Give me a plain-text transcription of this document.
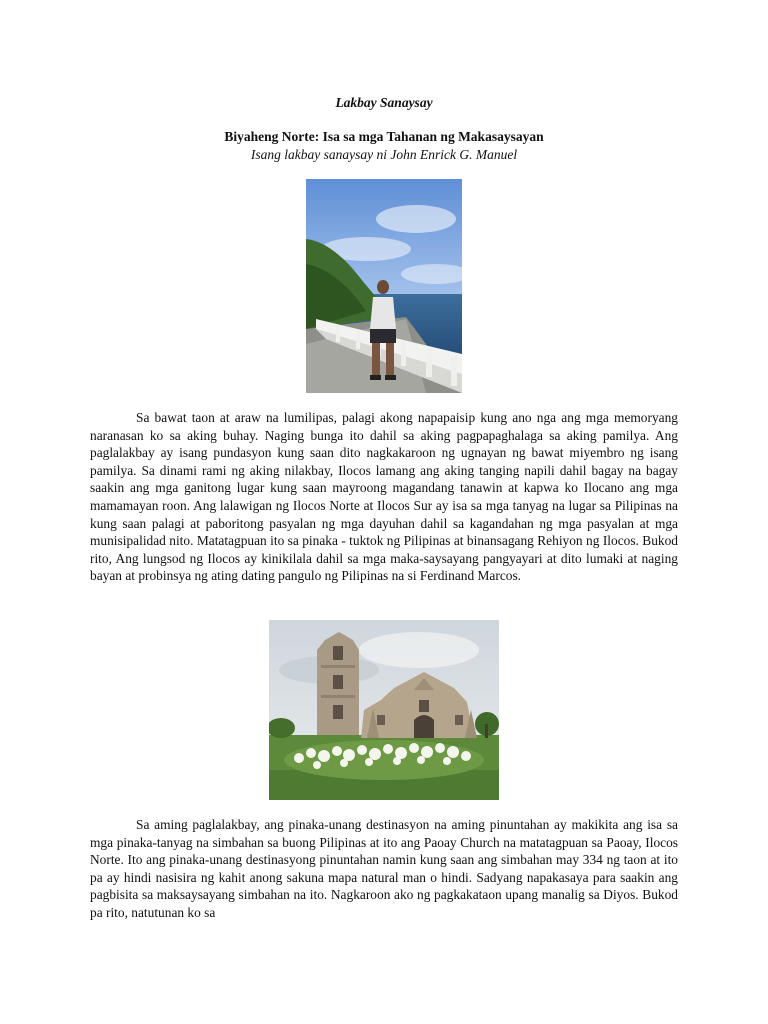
Lakbay Sanaysay
Biyaheng Norte: Isa sa mga Tahanan ng Makasaysayan
Isang lakbay sanaysay ni John Enrick G. Manuel

Sa bawat taon at araw na lumilipas, palagi akong napapaisip kung ano nga ang mga memoryang naranasan ko sa aking buhay. Naging bunga ito dahil sa aking pagpapaghalaga sa aking pamilya. Ang paglalakbay ay isang pundasyon kung saan dito nagkakaroon ng ugnayan ng bawat miyembro ng isang pamilya. Sa dinami rami ng aking nilakbay, Ilocos lamang ang aking tanging napili dahil bagay na bagay saakin ang mga ganitong lugar kung saan mayroong magandang tanawin at kapwa ko Ilocano ang mga mamamayan roon. Ang lalawigan ng Ilocos Norte at Ilocos Sur ay isa sa mga tanyag na lugar sa Pilipinas na kung saan palagi at paboritong pasyalan ng mga dayuhan dahil sa kagandahan ng mga pasyalan at mga munisipalidad nito. Matatagpuan ito sa pinaka - tuktok ng Pilipinas at binansagang Rehiyon ng Ilocos. Bukod rito, Ang lungsod ng Ilocos ay kinikilala dahil sa mga maka-saysayang pangyayari at dito lumaki at naging bayan at probinsya ng ating dating pangulo ng Pilipinas na si Ferdinand Marcos.

Sa aming paglalakbay, ang pinaka-unang destinasyon na aming pinuntahan ay makikita ang isa sa mga pinaka-tanyag na simbahan sa buong Pilipinas at ito ang Paoay Church na matatagpuan sa Paoay, Ilocos Norte. Ito ang pinaka-unang destinasyong pinuntahan namin kung saan ang simbahan may 334 ng taon at ito pa ay hindi nasisira ng kahit anong sakuna mapa natural man o hindi. Sadyang napakasaya para saakin ang pagbisita sa maksaysayang simbahan na ito. Nagkaroon ako ng pagkakataon upang manalig sa Diyos. Bukod pa rito, natutunan ko sa
